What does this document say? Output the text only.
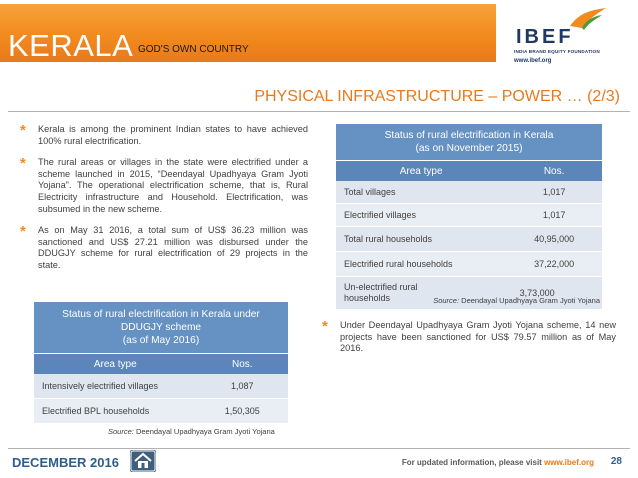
KERALA GOD'S OWN COUNTRY
IBEF
INDIA BRAND EQUITY FOUNDATION
www.ibef.org
PHYSICAL INFRASTRUCTURE – POWER … (2/3)
* Kerala is among the prominent Indian states to have achieved 100% rural electrification.
* The rural areas or villages in the state were electrified under a scheme launched in 2015, “Deendayal Upadhyaya Gram Jyoti Yojana”. The operational electrification scheme, that is, Rural Electricity infrastructure and Household. Electrification, was subsumed in the new scheme.
* As on May 31 2016, a total sum of US$ 36.23 million was sanctioned and US$ 27.21 million was disbursed under the DDUGJY scheme for rural electrification of 29 projects in the state.
Status of rural electrification in Kerala
(as on November 2015)
Area type	Nos.
Total villages	1,017
Electrified villages	1,017
Total rural households	40,95,000
Electrified rural households	37,22,000
Un-electrified rural households	3,73,000
Source: Deendayal Upadhyaya Gram Jyoti Yojana
* Under Deendayal Upadhyaya Gram Jyoti Yojana scheme, 14 new projects have been sanctioned for US$ 79.57 million as of May 2016.
Status of rural electrification in Kerala under
DDUGJY scheme
(as of May 2016)
Area type	Nos.
Intensively electrified villages	1,087
Electrified BPL households	1,50,305
Source: Deendayal Upadhyaya Gram Jyoti Yojana
DECEMBER 2016	For updated information, please visit www.ibef.org 28
